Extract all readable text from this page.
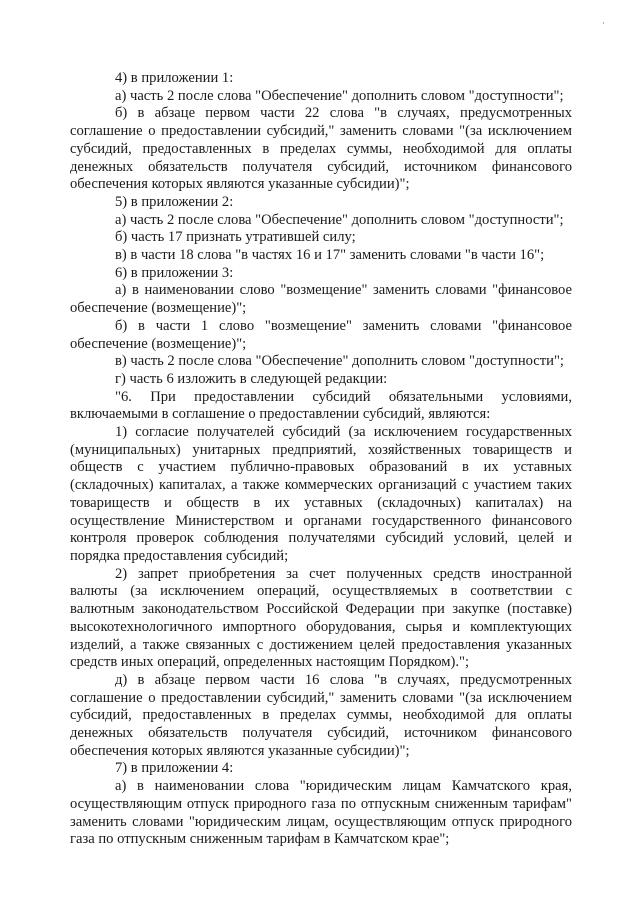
·

4) в приложении 1:

а) часть 2 после слова "Обеспечение" дополнить словом "доступности";

б) в абзаце первом части 22 слова "в случаях, предусмотренных соглашение о предоставлении субсидий," заменить словами "(за исключением субсидий, предоставленных в пределах суммы, необходимой для оплаты денежных обязательств получателя субсидий, источником финансового обеспечения которых являются указанные субсидии)";

5) в приложении 2:

а) часть 2 после слова "Обеспечение" дополнить словом "доступности";

б) часть 17 признать утратившей силу;

в) в части 18 слова "в частях 16 и 17" заменить словами "в части 16";

6) в приложении 3:

а) в наименовании слово "возмещение" заменить словами "финансовое обеспечение (возмещение)";

б) в части 1 слово "возмещение" заменить словами "финансовое обеспечение (возмещение)";

в) часть 2 после слова "Обеспечение" дополнить словом "доступности";

г) часть 6 изложить в следующей редакции:

"6. При предоставлении субсидий обязательными условиями, включаемыми в соглашение о предоставлении субсидий, являются:

1) согласие получателей субсидий (за исключением государственных (муниципальных) унитарных предприятий, хозяйственных товариществ и обществ с участием публично-правовых образований в их уставных (складочных) капиталах, а также коммерческих организаций с участием таких товариществ и обществ в их уставных (складочных) капиталах) на осуществление Министерством и органами государственного финансового контроля проверок соблюдения получателями субсидий условий, целей и порядка предоставления субсидий;

2) запрет приобретения за счет полученных средств иностранной валюты (за исключением операций, осуществляемых в соответствии с валютным законодательством Российской Федерации при закупке (поставке) высокотехнологичного импортного оборудования, сырья и комплектующих изделий, а также связанных с достижением целей предоставления указанных средств иных операций, определенных настоящим Порядком).";

д) в абзаце первом части 16 слова "в случаях, предусмотренных соглашение о предоставлении субсидий," заменить словами "(за исключением субсидий, предоставленных в пределах суммы, необходимой для оплаты денежных обязательств получателя субсидий, источником финансового обеспечения которых являются указанные субсидии)";

7) в приложении 4:

а) в наименовании слова "юридическим лицам Камчатского края, осуществляющим отпуск природного газа по отпускным сниженным тарифам" заменить словами "юридическим лицам, осуществляющим отпуск природного газа по отпускным сниженным тарифам в Камчатском крае";
